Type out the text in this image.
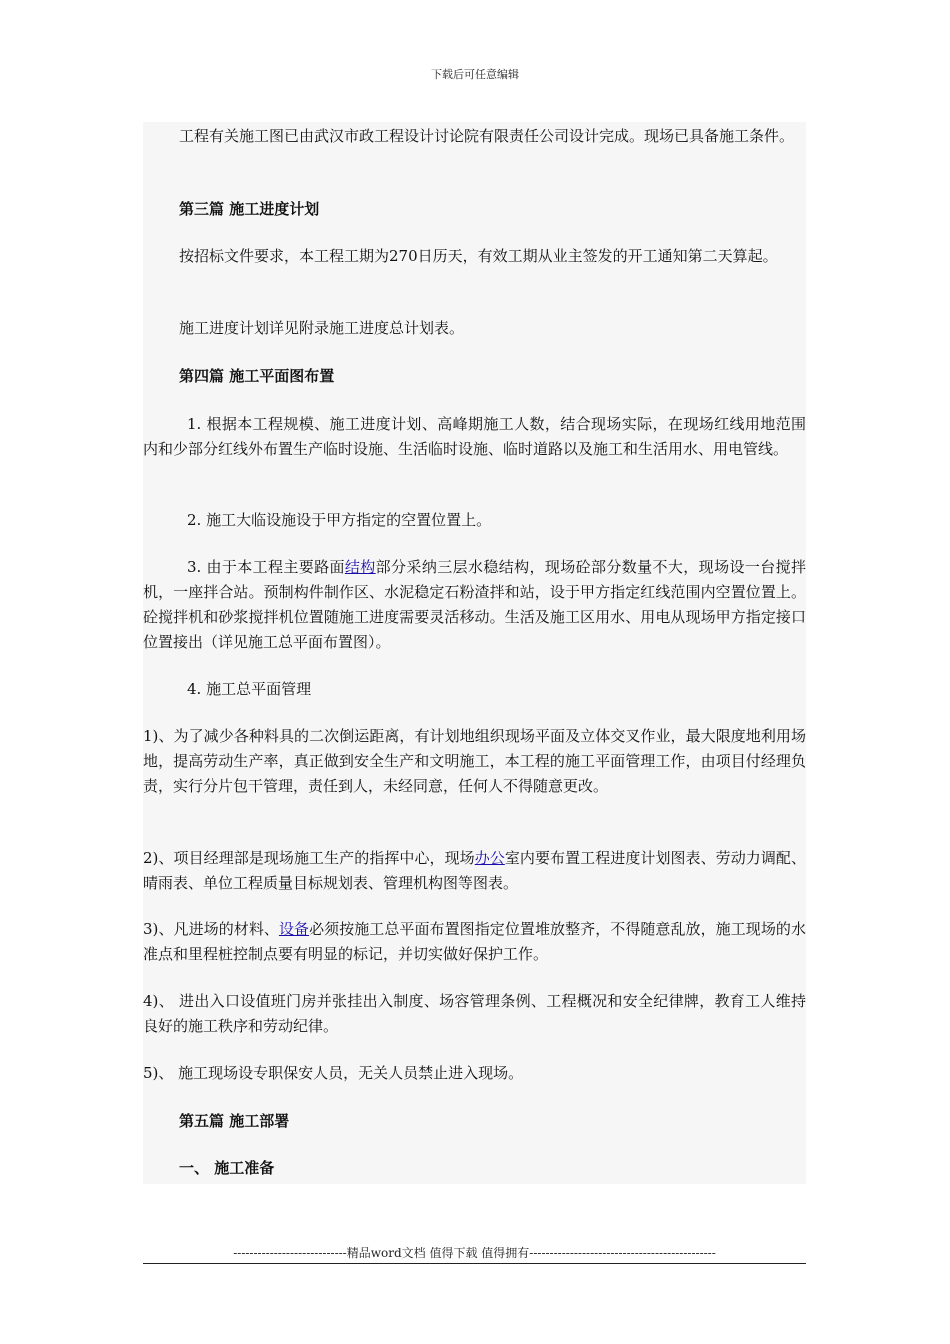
下载后可任意编辑

工程有关施工图已由武汉市政工程设计讨论院有限责任公司设计完成。现场已具备施工条件。

第三篇 施工进度计划

按招标文件要求，本工程工期为270日历天，有效工期从业主签发的开工通知第二天算起。

施工进度计划详见附录施工进度总计划表。

第四篇 施工平面图布置

1. 根据本工程规模、施工进度计划、高峰期施工人数，结合现场实际，在现场红线用地范围内和少部分红线外布置生产临时设施、生活临时设施、临时道路以及施工和生活用水、用电管线。

2. 施工大临设施设于甲方指定的空置位置上。

3. 由于本工程主要路面结构部分采纳三层水稳结构，现场砼部分数量不大，现场设一台搅拌机，一座拌合站。预制构件制作区、水泥稳定石粉渣拌和站，设于甲方指定红线范围内空置位置上。砼搅拌机和砂浆搅拌机位置随施工进度需要灵活移动。生活及施工区用水、用电从现场甲方指定接口位置接出（详见施工总平面布置图）。

4. 施工总平面管理

1)、为了减少各种料具的二次倒运距离，有计划地组织现场平面及立体交叉作业，最大限度地利用场地，提高劳动生产率，真正做到安全生产和文明施工，本工程的施工平面管理工作，由项目付经理负责，实行分片包干管理，责任到人，未经同意，任何人不得随意更改。

2)、项目经理部是现场施工生产的指挥中心，现场办公室内要布置工程进度计划图表、劳动力调配、晴雨表、单位工程质量目标规划表、管理机构图等图表。

3)、凡进场的材料、设备必须按施工总平面布置图指定位置堆放整齐，不得随意乱放，施工现场的水准点和里程桩控制点要有明显的标记，并切实做好保护工作。

4)、 进出入口设值班门房并张挂出入制度、场容管理条例、工程概况和安全纪律牌，教育工人维持良好的施工秩序和劳动纪律。

5)、 施工现场设专职保安人员，无关人员禁止进入现场。

第五篇 施工部署

一、 施工准备

----------------------------精品word文档 值得下载 值得拥有----------------------------------------------
